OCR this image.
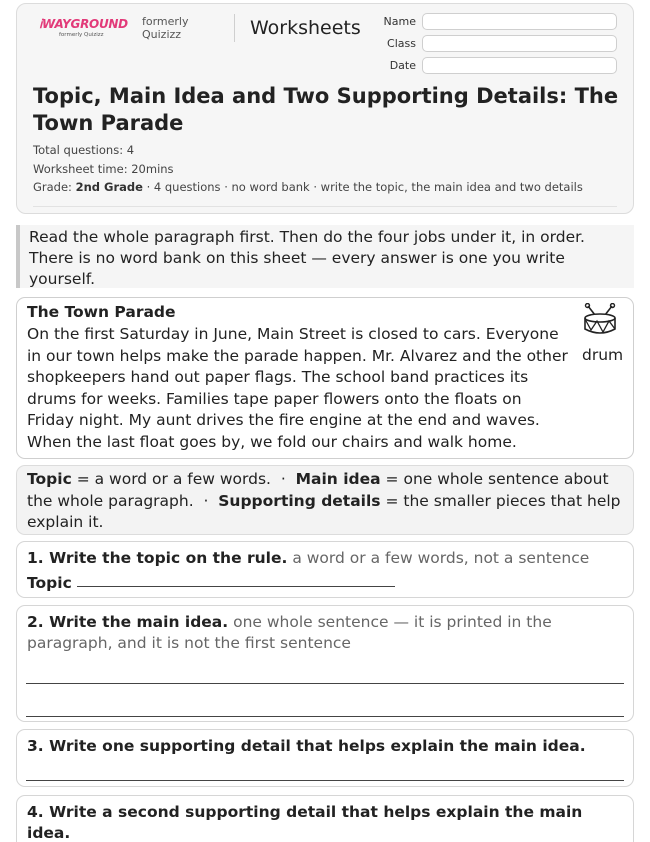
𝗂︎WAYGROUND
formerly Quizizz
formerly
Quizizz	Worksheets	Name
Class
Date
Topic, Main Idea and Two Supporting Details: The Town Parade
Total questions: 4
Worksheet time: 20mins
Grade: 2nd Grade · 4 questions · no word bank · write the topic, the main idea and two details
Read the whole paragraph first. Then do the four jobs under it, in order. There is no word bank on this sheet — every answer is one you write yourself.
The Town Parade
On the first Saturday in June, Main Street is closed to cars. Everyone in our town helps make the parade happen. Mr. Alvarez and the other shopkeepers hand out paper flags. The school band practices its drums for weeks. Families tape paper flowers onto the floats on Friday night. My aunt drives the fire engine at the end and waves. When the last float goes by, we fold our chairs and walk home.
drum
Topic = a word or a few words.  ·  Main idea = one whole sentence about the whole paragraph.  ·  Supporting details = the smaller pieces that help explain it.
1. Write the topic on the rule. a word or a few words, not a sentence
Topic
2. Write the main idea. one whole sentence — it is printed in the paragraph, and it is not the first sentence
3. Write one supporting detail that helps explain the main idea.
4. Write a second supporting detail that helps explain the main idea.
